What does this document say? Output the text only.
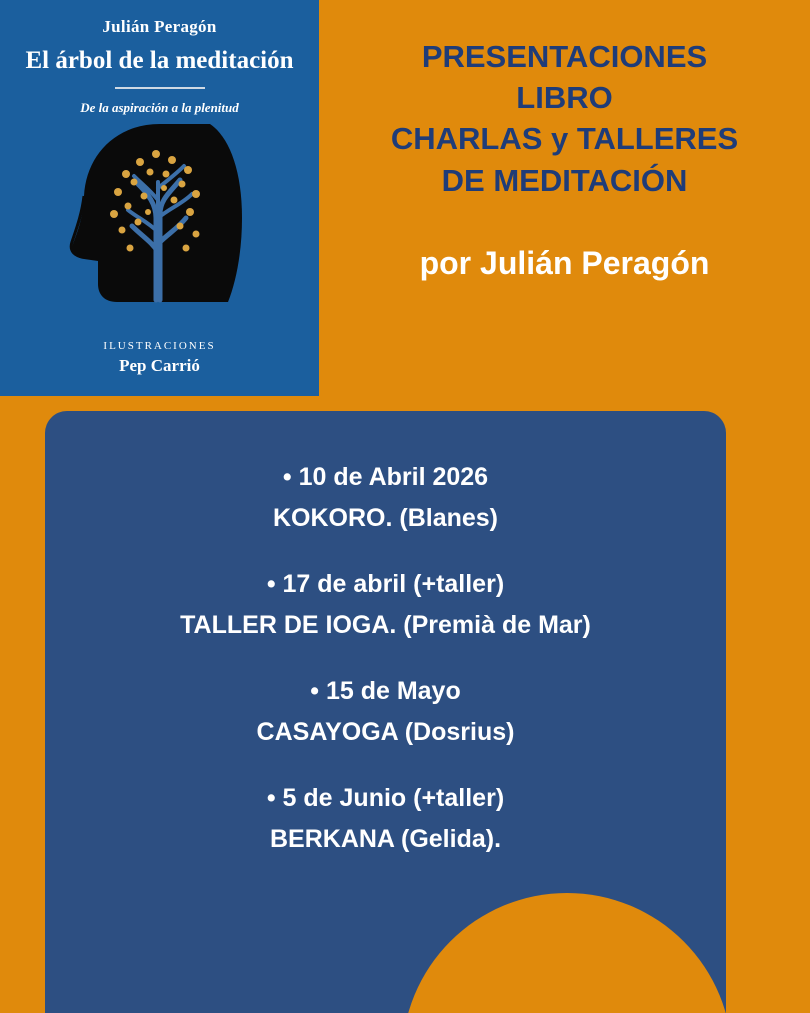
Julián Peragón
El árbol de la meditación
De la aspiración a la plenitud
ILUSTRACIONES
Pep Carrió
PRESENTACIONES
LIBRO
CHARLAS y TALLERES
DE MEDITACIÓN
por Julián Peragón
• 10 de Abril 2026
KOKORO. (Blanes)
• 17 de abril (+taller)
TALLER DE IOGA. (Premià de Mar)
• 15 de Mayo
CASAYOGA (Dosrius)
• 5 de Junio (+taller)
BERKANA (Gelida).
